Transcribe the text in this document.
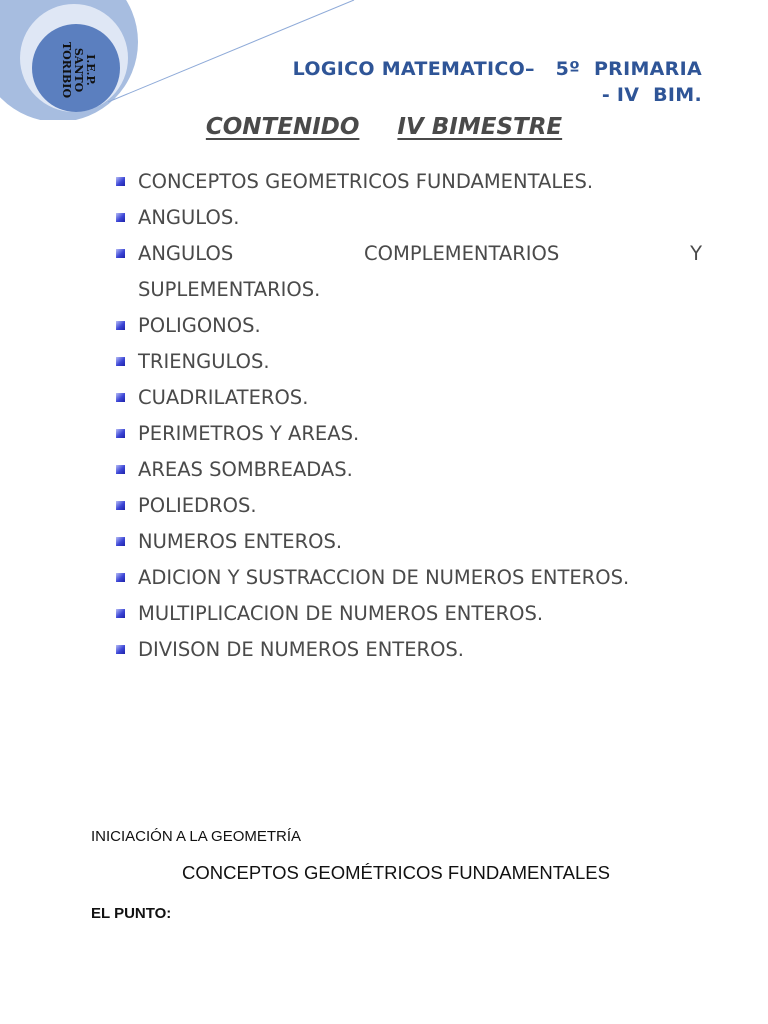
I.E.P.
SANTO
TORIBIO	LOGICO MATEMATICO–   5º  PRIMARIA
- IV  BIM.
CONTENIDO IV BIMESTRE
CONCEPTOS GEOMETRICOS FUNDAMENTALES.
ANGULOS.
ANGULOS	COMPLEMENTARIOS	Y
SUPLEMENTARIOS.
POLIGONOS.
TRIENGULOS.
CUADRILATEROS.
PERIMETROS Y AREAS.
AREAS SOMBREADAS.
POLIEDROS.
NUMEROS ENTEROS.
ADICION Y SUSTRACCION DE NUMEROS ENTEROS.
MULTIPLICACION DE NUMEROS ENTEROS.
DIVISON DE NUMEROS ENTEROS.
INICIACIÓN A LA GEOMETRÍA
CONCEPTOS GEOMÉTRICOS FUNDAMENTALES
EL PUNTO:
